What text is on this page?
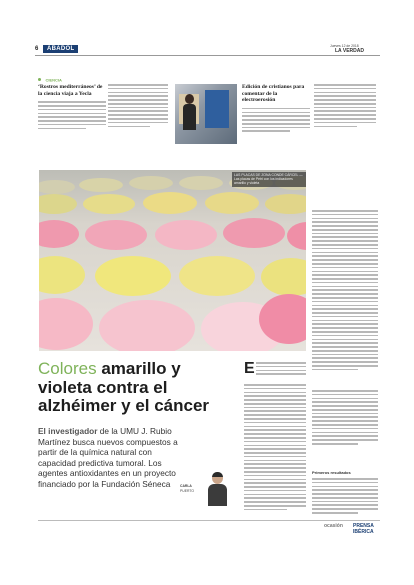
6	ABADOL	Jueves 12 de 2018
LA VERDAD
CIENCIA
‘Rostros mediterráneos’ de la ciencia viaja a Yecla
Edición de cristianos para comentar de la electroerosión
LAS PLACAS DE ZONA CONDE CÁRCEL — Las placas de Petri con los indicadores amarillo y violeta
Primeros resultados
Colores amarillo y violeta contra el alzhéimer y el cáncer
El investigador de la UMU J. Rubio Martínez busca nuevos compuestos a partir de la química natural con capacidad predictiva tumoral. Los agentes antioxidantes en un proyecto financiado por la Fundación Séneca	CARLA
PUERTO
E
ocasión PRENSA IBÉRICA
